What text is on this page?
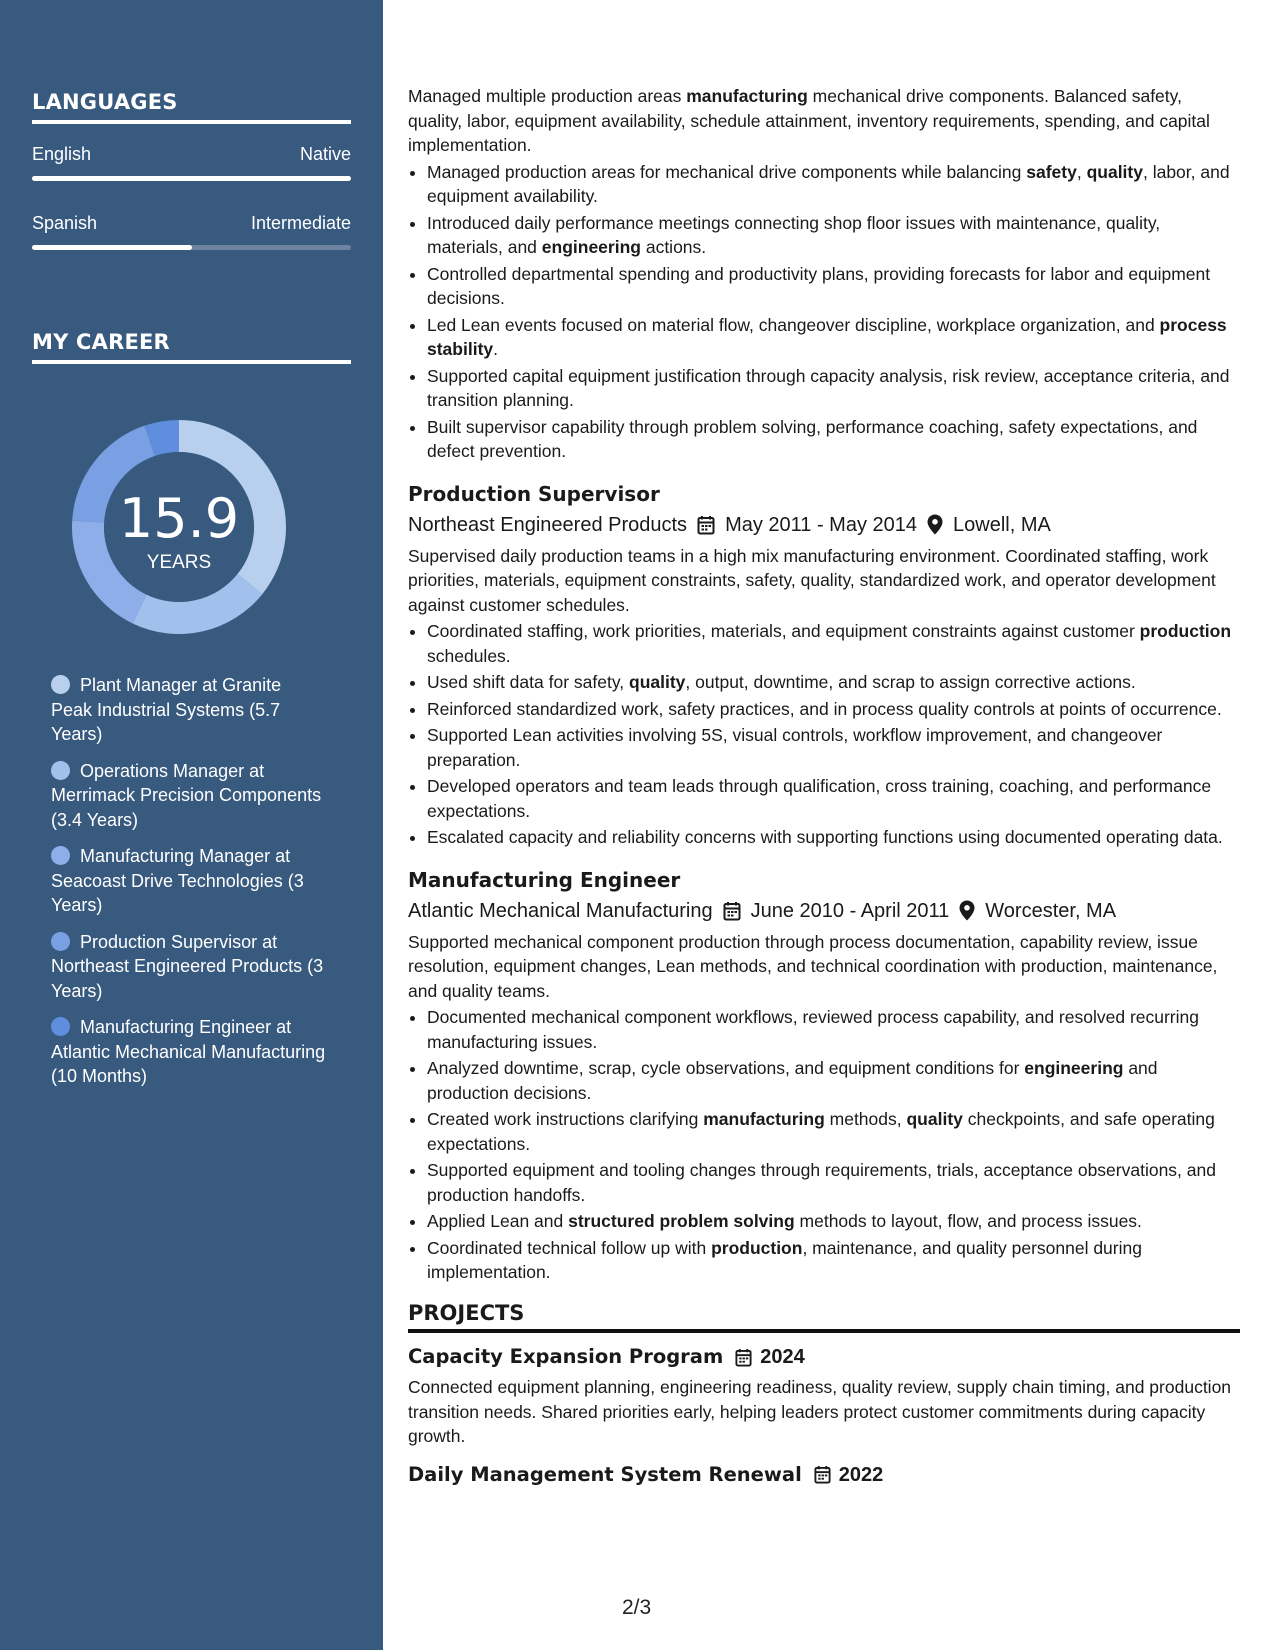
LANGUAGES
English	Native
Spanish	Intermediate
MY CAREER
15.9
YEARS
Plant Manager at Granite Peak Industrial Systems (5.7 Years)
Operations Manager at Merrimack Precision Components (3.4 Years)
Manufacturing Manager at Seacoast Drive Technologies (3 Years)
Production Supervisor at Northeast Engineered Products (3 Years)
Manufacturing Engineer at Atlantic Mechanical Manufacturing (10 Months)

Managed multiple production areas manufacturing mechanical drive components. Balanced safety, quality, labor, equipment availability, schedule attainment, inventory requirements, spending, and capital implementation.

• Managed production areas for mechanical drive components while balancing safety, quality, labor, and equipment availability.
• Introduced daily performance meetings connecting shop floor issues with maintenance, quality, materials, and engineering actions.
• Controlled departmental spending and productivity plans, providing forecasts for labor and equipment decisions.
• Led Lean events focused on material flow, changeover discipline, workplace organization, and process stability.
• Supported capital equipment justification through capacity analysis, risk review, acceptance criteria, and transition planning.
• Built supervisor capability through problem solving, performance coaching, safety expectations, and defect prevention.
Production Supervisor
Northeast Engineered Products May 2011 - May 2014 Lowell, MA

Supervised daily production teams in a high mix manufacturing environment. Coordinated staffing, work priorities, materials, equipment constraints, safety, quality, standardized work, and operator development against customer schedules.

• Coordinated staffing, work priorities, materials, and equipment constraints against customer production schedules.
• Used shift data for safety, quality, output, downtime, and scrap to assign corrective actions.
• Reinforced standardized work, safety practices, and in process quality controls at points of occurrence.
• Supported Lean activities involving 5S, visual controls, workflow improvement, and changeover preparation.
• Developed operators and team leads through qualification, cross training, coaching, and performance expectations.
• Escalated capacity and reliability concerns with supporting functions using documented operating data.
Manufacturing Engineer
Atlantic Mechanical Manufacturing June 2010 - April 2011 Worcester, MA

Supported mechanical component production through process documentation, capability review, issue resolution, equipment changes, Lean methods, and technical coordination with production, maintenance, and quality teams.

• Documented mechanical component workflows, reviewed process capability, and resolved recurring manufacturing issues.
• Analyzed downtime, scrap, cycle observations, and equipment conditions for engineering and production decisions.
• Created work instructions clarifying manufacturing methods, quality checkpoints, and safe operating expectations.
• Supported equipment and tooling changes through requirements, trials, acceptance observations, and production handoffs.
• Applied Lean and structured problem solving methods to layout, flow, and process issues.
• Coordinated technical follow up with production, maintenance, and quality personnel during implementation.
PROJECTS
Capacity Expansion Program 2024

Connected equipment planning, engineering readiness, quality review, supply chain timing, and production transition needs. Shared priorities early, helping leaders protect customer commitments during capacity growth.

Daily Management System Renewal 2022
2/3
